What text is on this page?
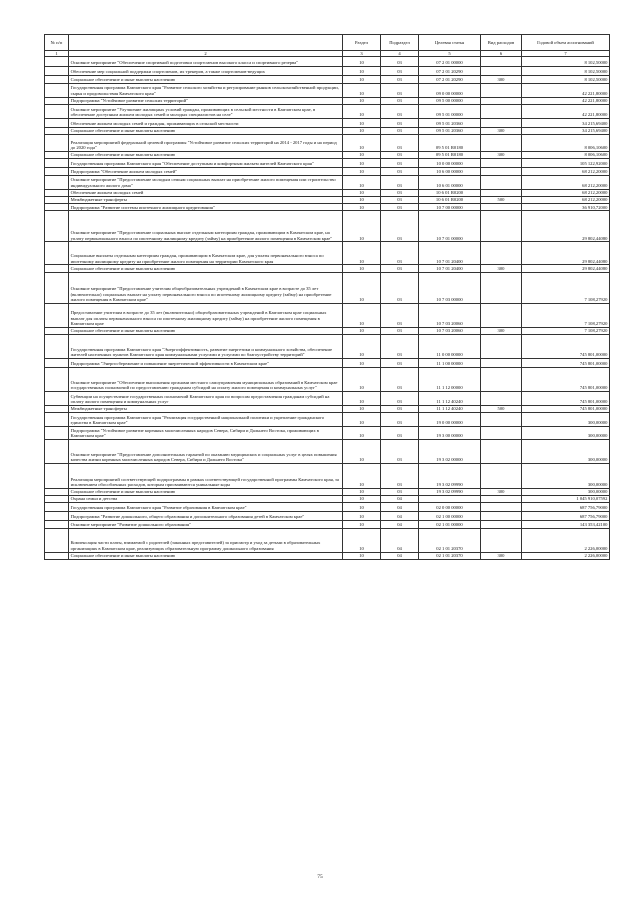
№ п/п		Раздел	Подраздел	Целевая статья	Вид расходов	Годовой объем ассигнований
1	2	3	4	5	6	7
	Основное мероприятие "Обеспечение спортивной подготовки спортсменов высокого класса и спортивного резерва"	10	03	07 2 01 00000		8 102,50000
	Обеспечение мер социальной поддержки спортсменов, их тренеров, а также спортсменов-ведущих	10	03	07 2 01 20290		8 102,50000
	Социальное обеспечение и иные выплаты населению	10	03	07 2 01 20290	300	8 102,50000
	Государственная программа Камчатского края "Развитие сельского хозяйства и регулирование рынков сельскохозяйственной продукции, сырья и продовольствия Камчатского края"	10	03	09 0 00 00000		42 221,80000
	Подпрограмма "Устойчивое развитие сельских территорий"	10	03	09 5 00 00000		42 221,80000
	Основное мероприятие "Улучшение жилищных условий граждан, проживающих в сельской местности в Камчатском крае, в обеспечение доступным жильем молодых семей и молодых специалистов на селе"	10	03	09 5 01 00000		42 221,80000
	Обеспечение жильем молодых семей и граждан, проживающих в сельской местности	10	03	09 5 01 20360		34 215,69400
	Социальное обеспечение и иные выплаты населению	10	03	09 5 01 20360	300	34 215,69400
	Реализация мероприятий федеральной целевой программы "Устойчивое развитие сельских территорий на 2014 - 2017 годы и на период до 2020 года"	10	03	09 5 01 R0180		8 006,10600
	Социальное обеспечение и иные выплаты населению	10	03	09 5 01 R0180	300	8 006,10600
	Государственная программа Камчатского края "Обеспечение доступным и комфортным жильем жителей Камчатского края"	10	03	10 0 00 00000		105 122,92000
	Подпрограмма "Обеспечение жильем молодых семей"	10	03	10 6 00 00000		68 212,20000
	Основное мероприятие "Предоставление молодым семьям социальных выплат на приобретение жилого помещения или строительство индивидуального жилого дома"	10	03	10 6 01 00000		68 212,20000
	Обеспечение жильем молодых семей	10	03	10 6 01 R0200		68 212,20000
	Межбюджетные трансферты	10	03	10 6 01 R0200	500	68 212,20000
	Подпрограмма "Развитие системы ипотечного жилищного кредитования"	10	03	10 7 00 00000		36 910,72000
	Основное мероприятие "Предоставление социальных выплат отдельным категориям граждан, проживающим в Камчатском крае, на уплату первоначального взноса по ипотечному жилищному кредиту (займу) на приобретение жилого помещения в Камчатском крае"	10	03	10 7 01 00000		29 802,44080
	Социальные выплаты отдельным категориям граждан, проживающим в Камчатском крае, для уплаты первоначального взноса по ипотечному жилищному кредиту на приобретение жилого помещения на территории Камчатского края	10	03	10 7 01 20400		29 802,44080
	Социальное обеспечение и иные выплаты населению	10	03	10 7 01 20400	300	29 802,44080
	Основное мероприятие "Предоставление учителям общеобразовательных учреждений в Камчатском крае в возрасте до 35 лет (включительно) социальных выплат на уплату первоначального взноса по ипотечному жилищному кредиту (займу) на приобретение жилого помещения в Камчатском крае"	10	03	10 7 03 00000		7 108,27920
	Предоставление учителям в возрасте до 35 лет (включительно) общеобразовательных учреждений в Камчатском крае социальных выплат для оплаты первоначального взноса по ипотечному жилищному кредиту (займу) на приобретение жилого помещения в Камчатском крае	10	03	10 7 03 20060		7 108,27920
	Социальное обеспечение и иные выплаты населению	10	03	10 7 03 20060	300	7 108,27920
	Государственная программа Камчатского края "Энергоэффективность, развитие энергетики и коммунального хозяйства, обеспечение жителей населенных пунктов Камчатского края коммунальными услугами и услугами по благоустройству территорий"	10	03	11 0 00 00000		745 801,00000
	Подпрограмма "Энергосбережение и повышение энергетической эффективности в Камчатском крае"	10	03	11 1 00 00000		745 801,00000
	Основное мероприятие "Обеспечение выполнения органами местного самоуправления муниципальных образований в Камчатском крае государственных полномочий по предоставлению гражданам субсидий на оплату жилого помещения и коммунальных услуг"	10	03	11 1 12 00000		745 801,00000
	Субвенции на осуществление государственных полномочий Камчатского края по вопросам предоставления гражданам субсидий на оплату жилого помещения и коммунальных услуг	10	03	11 1 12 40240		745 801,00000
	Межбюджетные трансферты	10	03	11 1 12 40240	500	745 801,00000
	Государственная программа Камчатского края "Реализация государственной национальной политики и укрепление гражданского единства в Камчатском крае"	10	03	19 0 00 00000		300,00000
	Подпрограмма "Устойчивое развитие коренных малочисленных народов Севера, Сибири и Дальнего Востока, проживающих в Камчатском крае"	10	03	19 3 00 00000		300,00000
	Основное мероприятие "Предоставление дополнительных гарантий по оказанию медицинских и социальных услуг в целях повышения качества жизни коренных малочисленных народов Севера, Сибири и Дальнего Востока"	10	03	19 3 02 00000		300,00000
	Реализация мероприятий соответствующей подпрограммы в рамках соответствующей государственной программы Камчатского края, за исключением обособленных расходов, которым присваиваются уникальные коды	10	03	19 3 02 09990		300,00000
	Социальное обеспечение и иные выплаты населению	10	03	19 3 02 09990	300	300,00000
	Охрана семьи и детства	10	04			1 045 910,07592
	Государственная программа Камчатского края "Развитие образования в Камчатском крае"	10	04	02 0 00 00000		687 756,79000
	Подпрограмма "Развитие дошкольного, общего образования и дополнительного образования детей в Камчатском крае"	10	04	02 1 00 00000		687 756,79000
	Основное мероприятие "Развитие дошкольного образования"	10	04	02 1 01 00000		143 353,42100
	Компенсация части платы, взимаемой с родителей (законных представителей) за присмотр и уход за детьми в образовательных организациях в Камчатском крае, реализующих образовательную программу дошкольного образования	10	04	02 1 01 20370		2 226,00000
	Социальное обеспечение и иные выплаты населению	10	04	02 1 01 20370	300	2 226,00000
75
